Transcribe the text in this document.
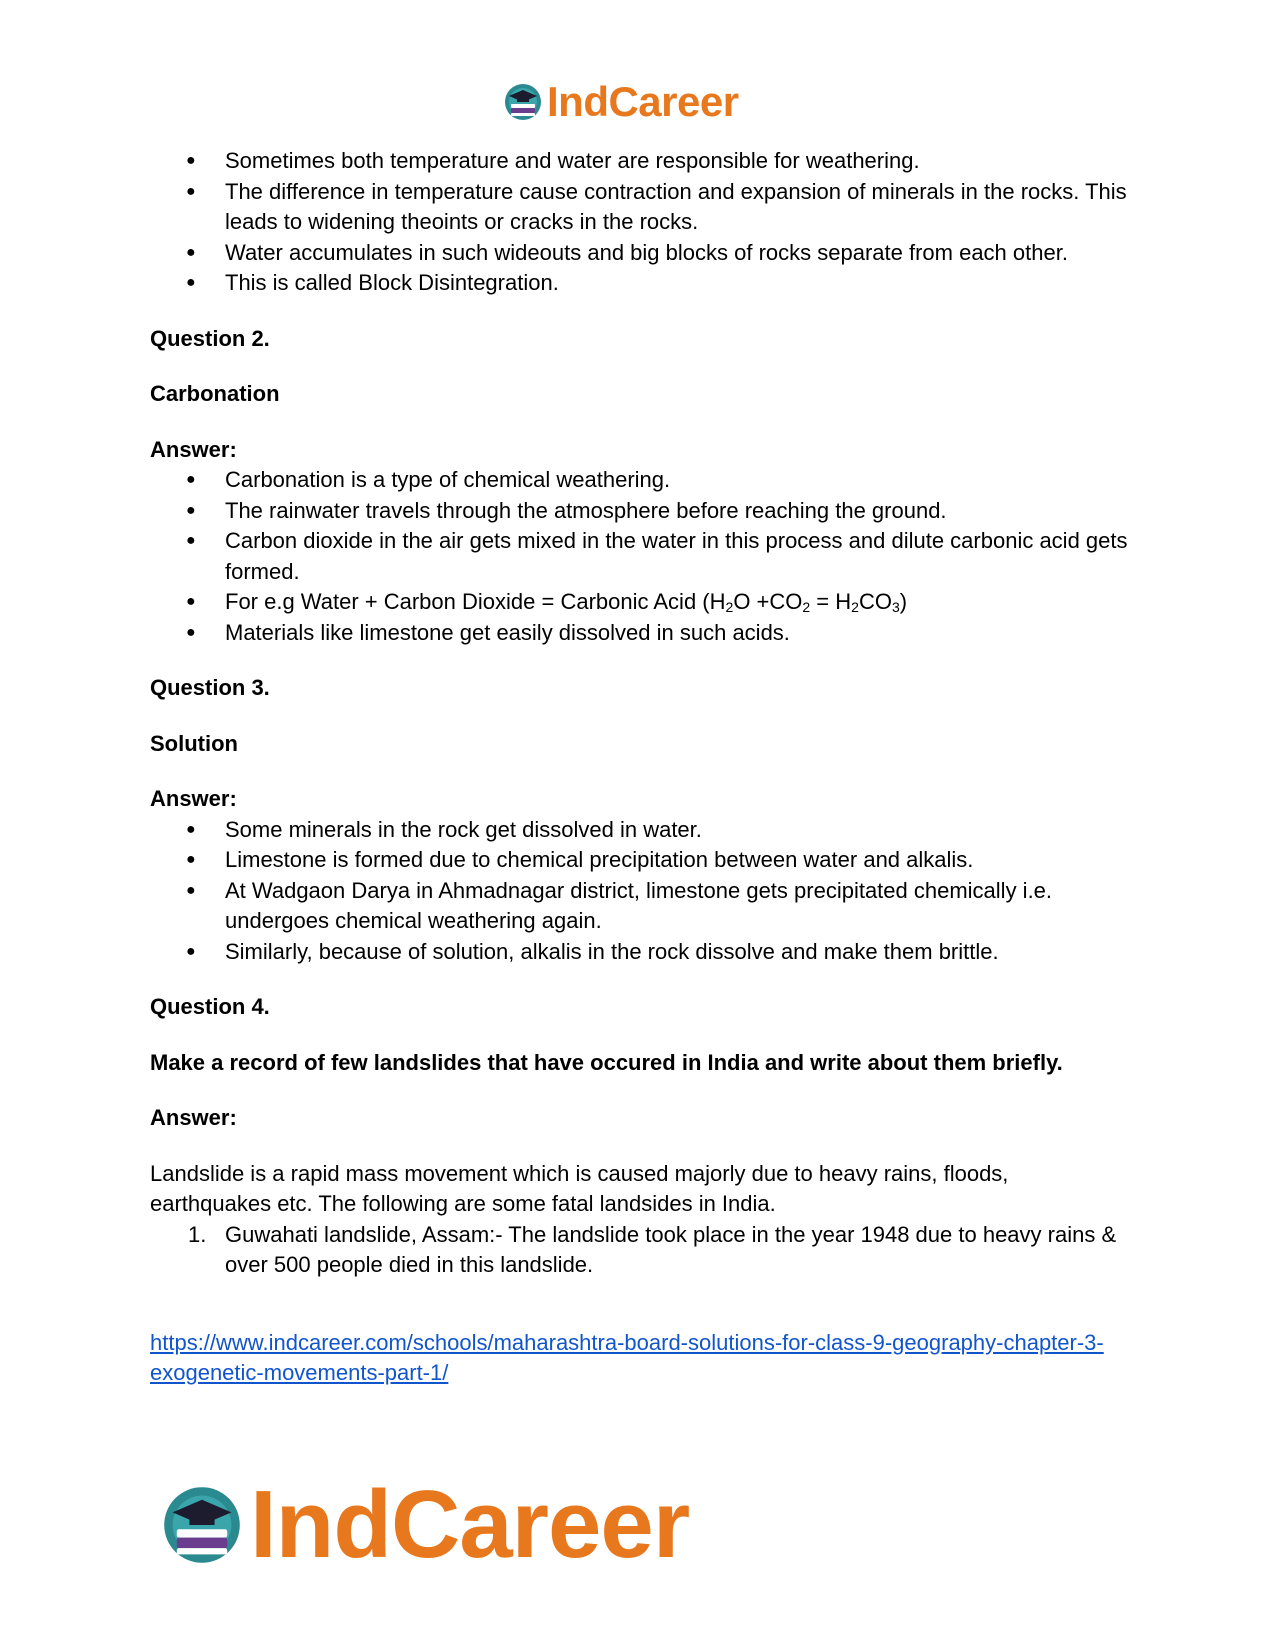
IndCareer
● Sometimes both temperature and water are responsible for weathering.
● The difference in temperature cause contraction and expansion of minerals in the rocks. This leads to widening theoints or cracks in the rocks.
● Water accumulates in such wideouts and big blocks of rocks separate from each other.
● This is called Block Disintegration.

Question 2.

Carbonation

Answer:

● Carbonation is a type of chemical weathering.
● The rainwater travels through the atmosphere before reaching the ground.
● Carbon dioxide in the air gets mixed in the water in this process and dilute carbonic acid gets formed.
● For e.g Water + Carbon Dioxide = Carbonic Acid $(H_2O +CO_2 = H_2CO_3)$
● Materials like limestone get easily dissolved in such acids.

Question 3.

Solution

Answer:

● Some minerals in the rock get dissolved in water.
● Limestone is formed due to chemical precipitation between water and alkalis.
● At Wadgaon Darya in Ahmadnagar district, limestone gets precipitated chemically i.e. undergoes chemical weathering again.
● Similarly, because of solution, alkalis in the rock dissolve and make them brittle.

Question 4.

Make a record of few landslides that have occured in India and write about them briefly.

Answer:

Landslide is a rapid mass movement which is caused majorly due to heavy rains, floods, earthquakes etc. The following are some fatal landsides in India.

1. Guwahati landslide, Assam:- The landslide took place in the year 1948 due to heavy rains & over 500 people died in this landslide.

https://www.indcareer.com/schools/maharashtra-board-solutions-for-class-9-geography-chapter-3-exogenetic-movements-part-1/

IndCareer
